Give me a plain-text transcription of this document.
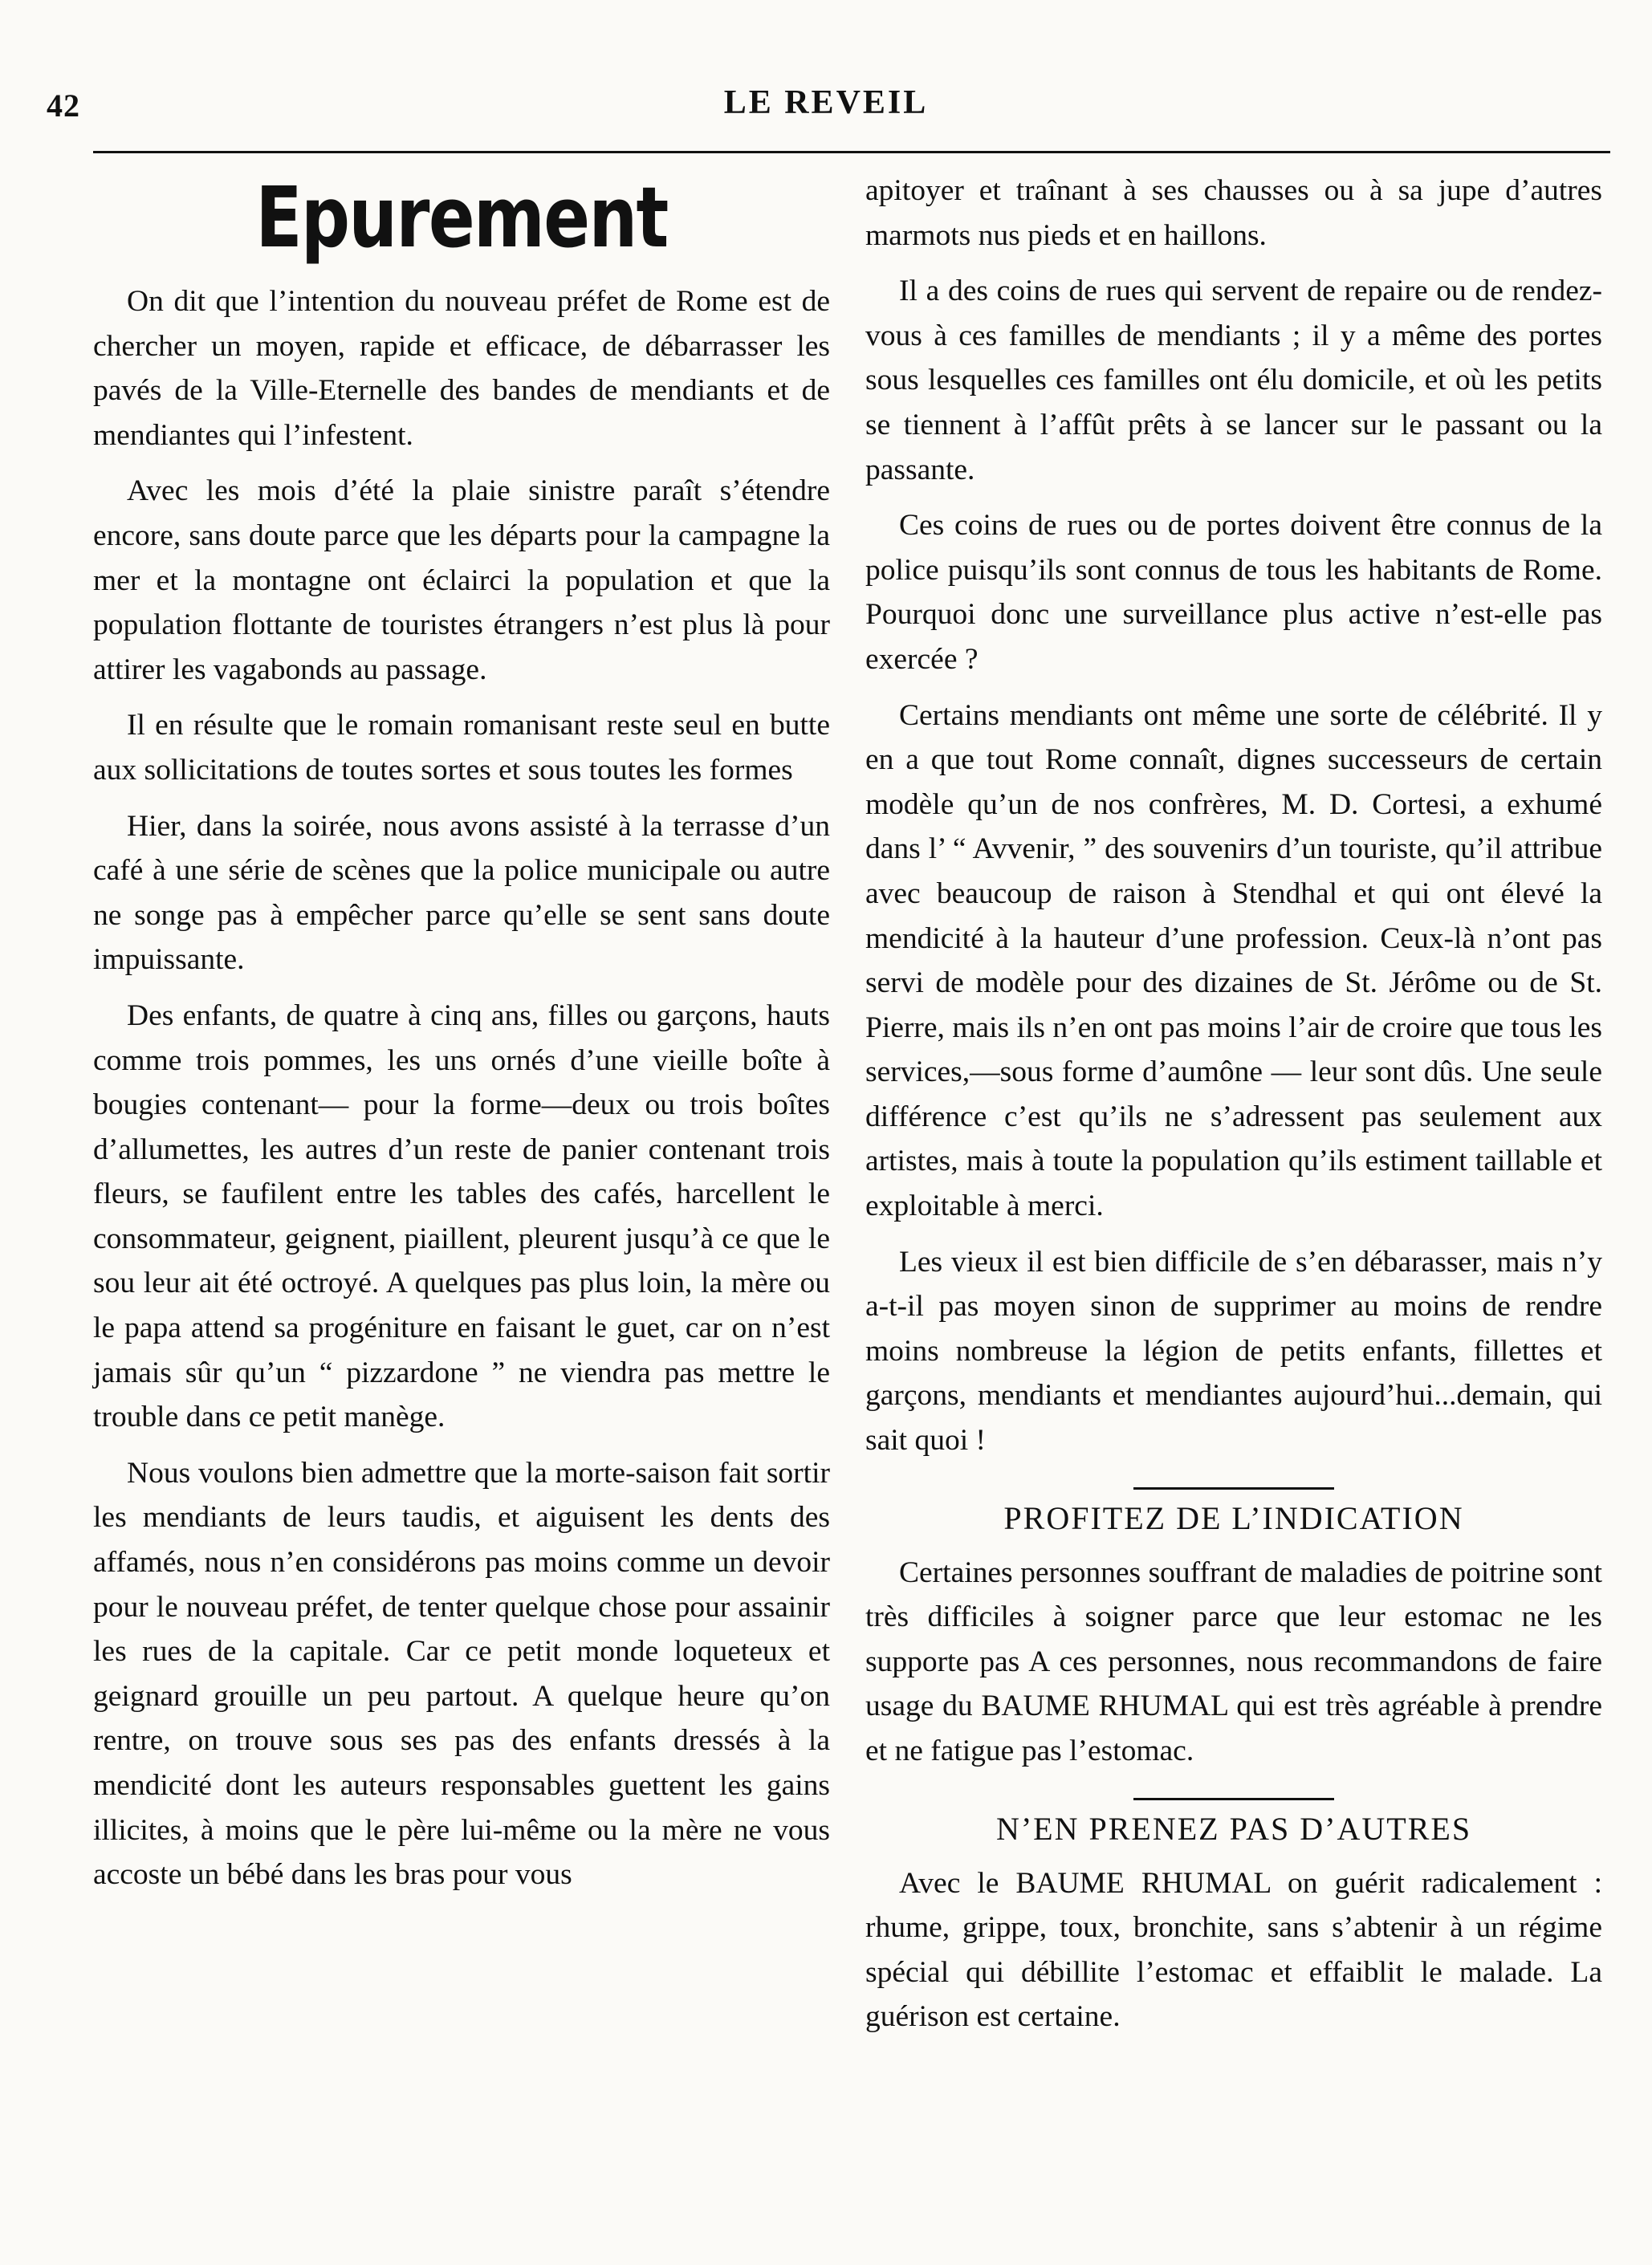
42	LE REVEIL
Epurement

On dit que l’intention du nouveau préfet de Rome est de chercher un moyen, rapide et efficace, de débarrasser les pavés de la Ville-Eternelle des bandes de mendiants et de mendiantes qui l’infestent.

Avec les mois d’été la plaie sinistre paraît s’étendre encore, sans doute parce que les départs pour la campagne la mer et la montagne ont éclairci la population et que la population flottante de touristes étrangers n’est plus là pour attirer les vagabonds au passage.

Il en résulte que le romain romanisant reste seul en butte aux sollicitations de toutes sortes et sous toutes les formes

Hier, dans la soirée, nous avons assisté à la terrasse d’un café à une série de scènes que la police municipale ou autre ne songe pas à empêcher parce qu’elle se sent sans doute impuissante.

Des enfants, de quatre à cinq ans, filles ou garçons, hauts comme trois pommes, les uns ornés d’une vieille boîte à bougies contenant— pour la forme—deux ou trois boîtes d’allumettes, les autres d’un reste de panier contenant trois fleurs, se faufilent entre les tables des cafés, harcellent le consommateur, geignent, piaillent, pleurent jusqu’à ce que le sou leur ait été octroyé. A quelques pas plus loin, la mère ou le papa attend sa progéniture en faisant le guet, car on n’est jamais sûr qu’un “ pizzardone ” ne viendra pas mettre le trouble dans ce petit manège.

Nous voulons bien admettre que la morte-saison fait sortir les mendiants de leurs taudis, et aiguisent les dents des affamés, nous n’en considérons pas moins comme un devoir pour le nouveau préfet, de tenter quelque chose pour assainir les rues de la capitale. Car ce petit monde loqueteux et geignard grouille un peu partout. A quelque heure qu’on rentre, on trouve sous ses pas des enfants dressés à la mendicité dont les auteurs responsables guettent les gains illicites, à moins que le père lui-même ou la mère ne vous accoste un bébé dans les bras pour vous

apitoyer et traînant à ses chausses ou à sa jupe d’autres marmots nus pieds et en haillons.

Il a des coins de rues qui servent de repaire ou de rendez-vous à ces familles de mendiants ; il y a même des portes sous lesquelles ces familles ont élu domicile, et où les petits se tiennent à l’affût prêts à se lancer sur le passant ou la passante.

Ces coins de rues ou de portes doivent être connus de la police puisqu’ils sont connus de tous les habitants de Rome. Pourquoi donc une surveillance plus active n’est-elle pas exercée ?

Certains mendiants ont même une sorte de célébrité. Il y en a que tout Rome connaît, dignes successeurs de certain modèle qu’un de nos confrères, M. D. Cortesi, a exhumé dans l’ “ Avvenir, ” des souvenirs d’un touriste, qu’il attribue avec beaucoup de raison à Stendhal et qui ont élevé la mendicité à la hauteur d’une profession. Ceux-là n’ont pas servi de modèle pour des dizaines de St. Jérôme ou de St. Pierre, mais ils n’en ont pas moins l’air de croire que tous les services,—sous forme d’aumône — leur sont dûs. Une seule différence c’est qu’ils ne s’adressent pas seulement aux artistes, mais à toute la population qu’ils estiment taillable et exploitable à merci.

Les vieux il est bien difficile de s’en débarasser, mais n’y a-t-il pas moyen sinon de supprimer au moins de rendre moins nombreuse la légion de petits enfants, fillettes et garçons, mendiants et mendiantes aujourd’hui...demain, qui sait quoi !

PROFITEZ DE L’INDICATION

Certaines personnes souffrant de maladies de poitrine sont très difficiles à soigner parce que leur estomac ne les supporte pas A ces personnes, nous recommandons de faire usage du BAUME RHUMAL qui est très agréable à prendre et ne fatigue pas l’estomac.

N’EN PRENEZ PAS D’AUTRES

Avec le BAUME RHUMAL on guérit radicalement : rhume, grippe, toux, bronchite, sans s’abtenir à un régime spécial qui débillite l’estomac et effaiblit le malade. La guérison est certaine.
